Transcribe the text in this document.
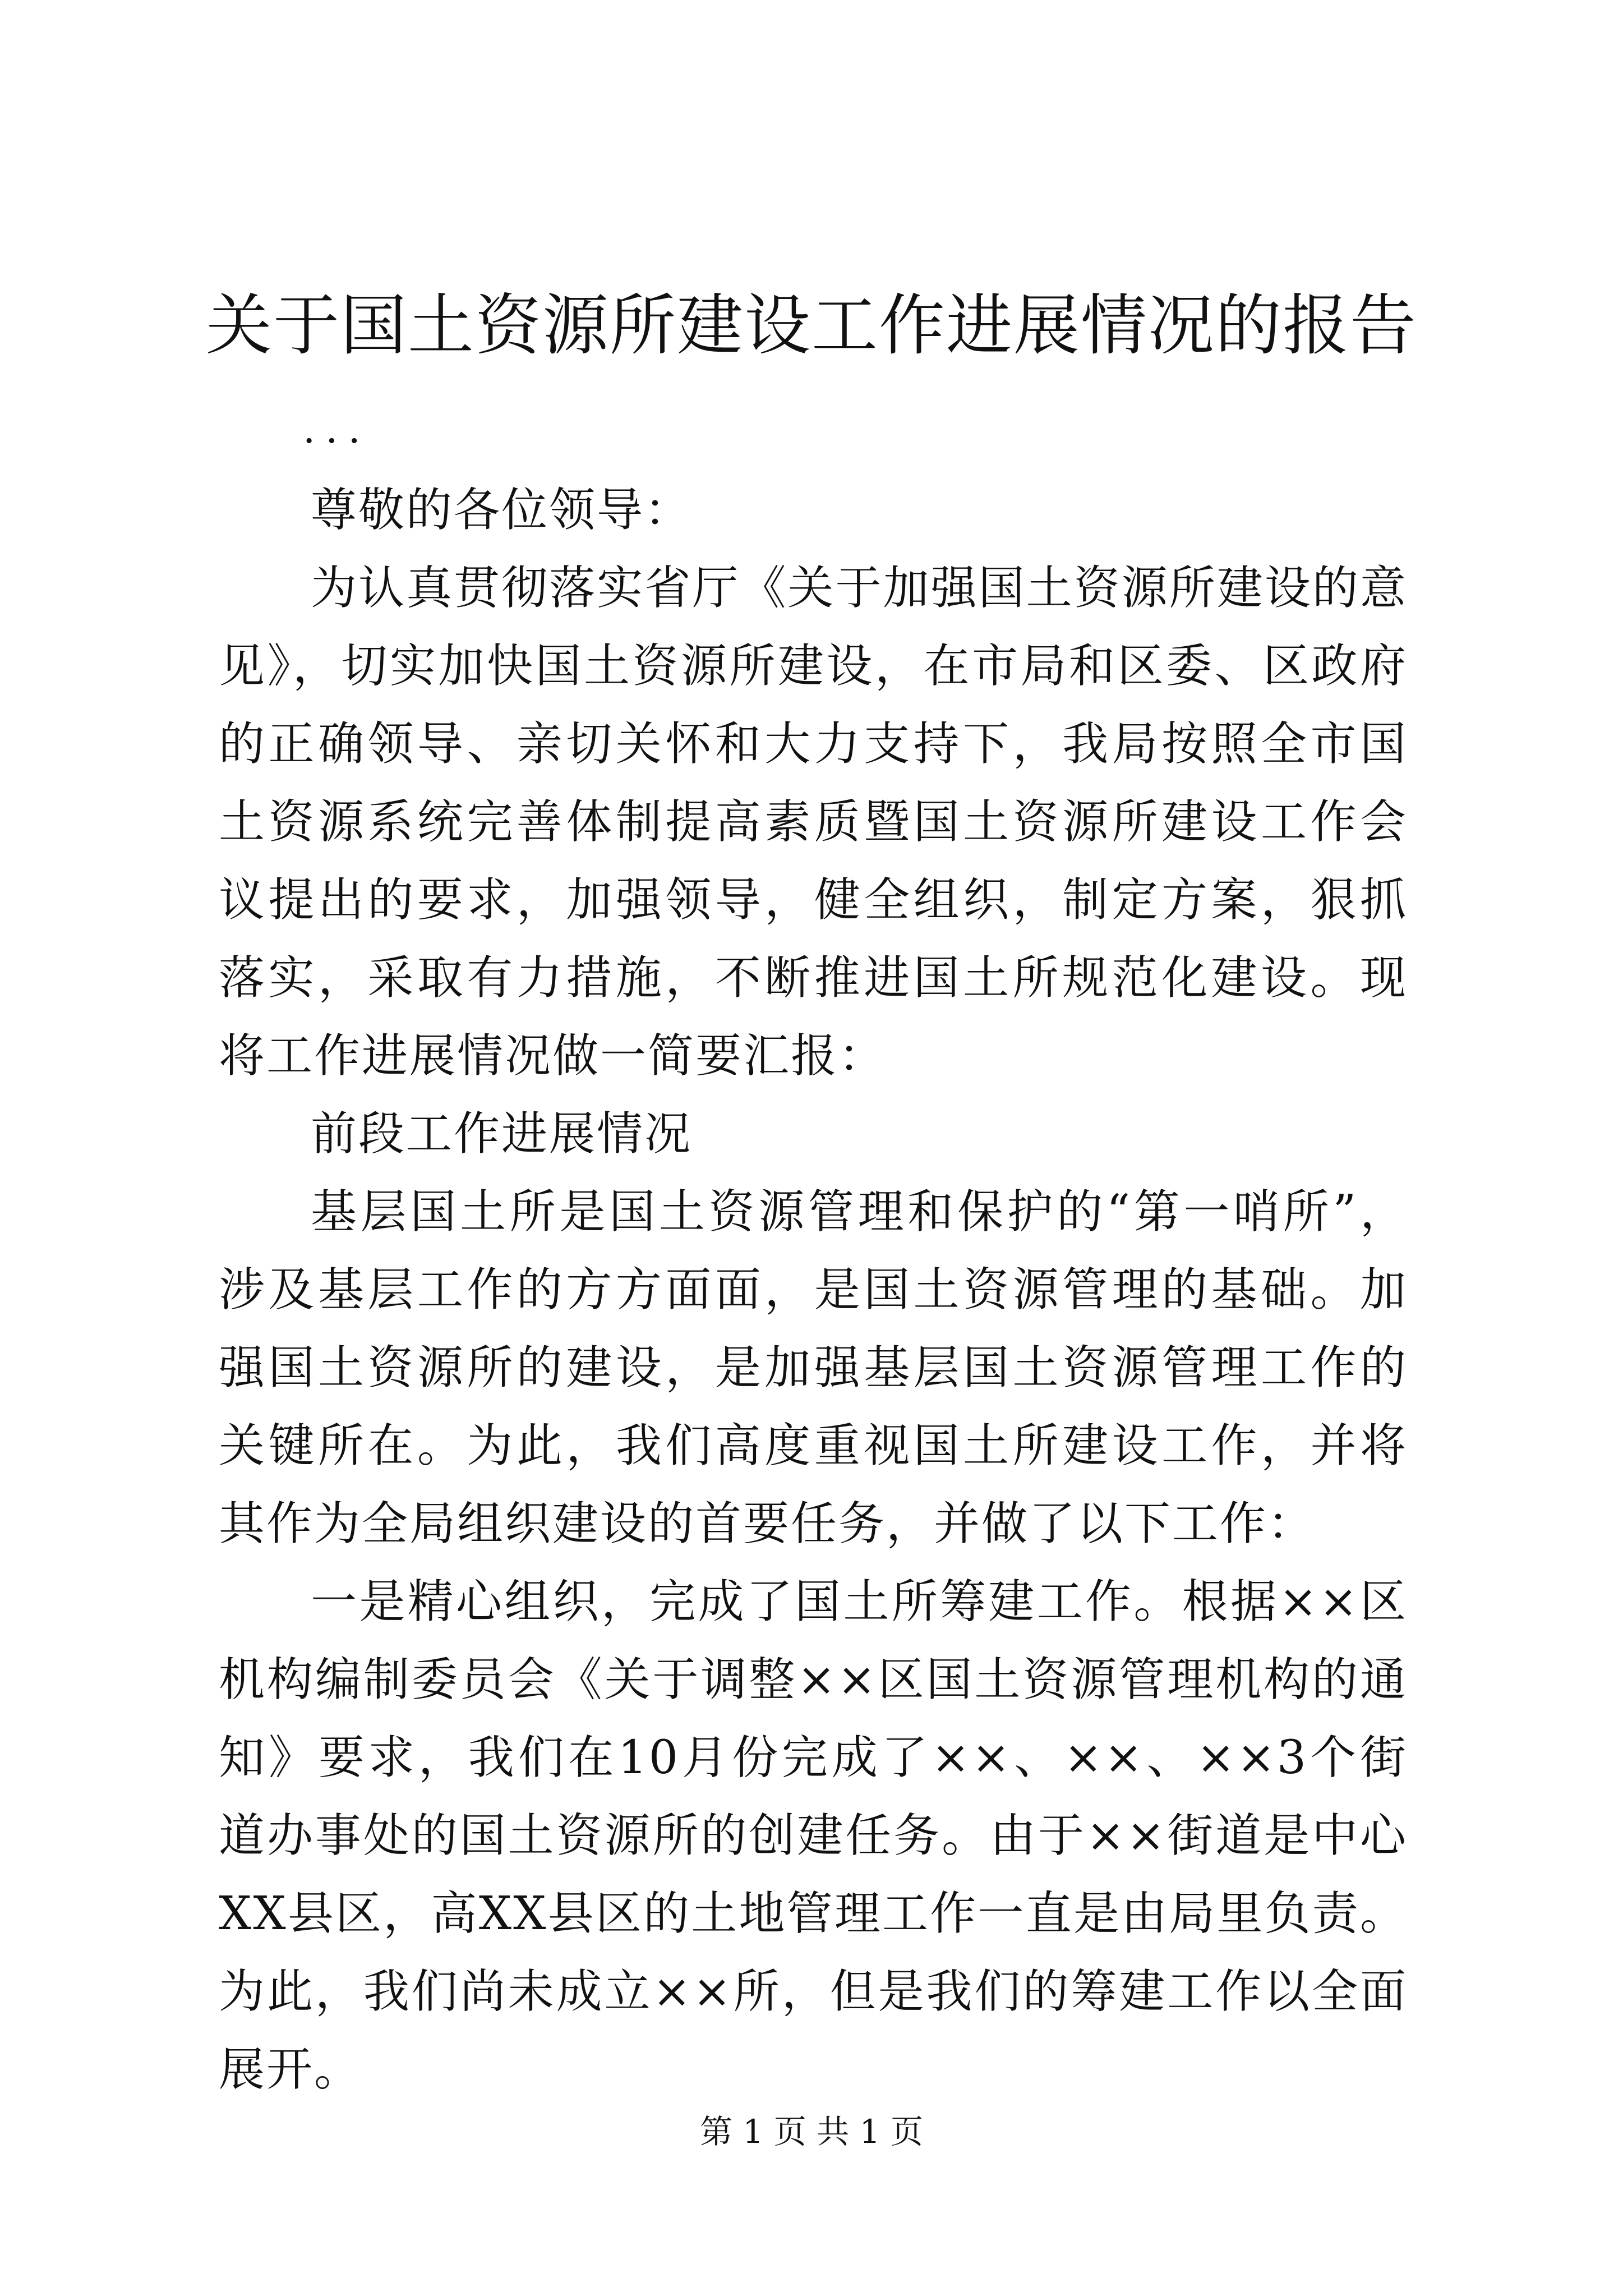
关于国土资源所建设工作进展情况的报告
...

尊敬的各位领导：

为认真贯彻落实省厅《关于加强国土资源所建设的意见》，切实加快国土资源所建设，在市局和区委、区政府的正确领导、亲切关怀和大力支持下，我局按照全市国土资源系统完善体制提高素质暨国土资源所建设工作会议提出的要求，加强领导，健全组织，制定方案，狠抓落实，采取有力措施，不断推进国土所规范化建设。现将工作进展情况做一简要汇报：

前段工作进展情况

基层国土所是国土资源管理和保护的“第一哨所”，涉及基层工作的方方面面，是国土资源管理的基础。加强国土资源所的建设，是加强基层国土资源管理工作的关键所在。为此，我们高度重视国土所建设工作，并将其作为全局组织建设的首要任务，并做了以下工作：

一是精心组织，完成了国土所筹建工作。根据××区机构编制委员会《关于调整××区国土资源管理机构的通知》要求，我们在10月份完成了××、××、××3个街道办事处的国土资源所的创建任务。由于××街道是中心XX县区，高XX县区的土地管理工作一直是由局里负责。为此，我们尚未成立××所，但是我们的筹建工作以全面展开。

第 1 页 共 1 页
